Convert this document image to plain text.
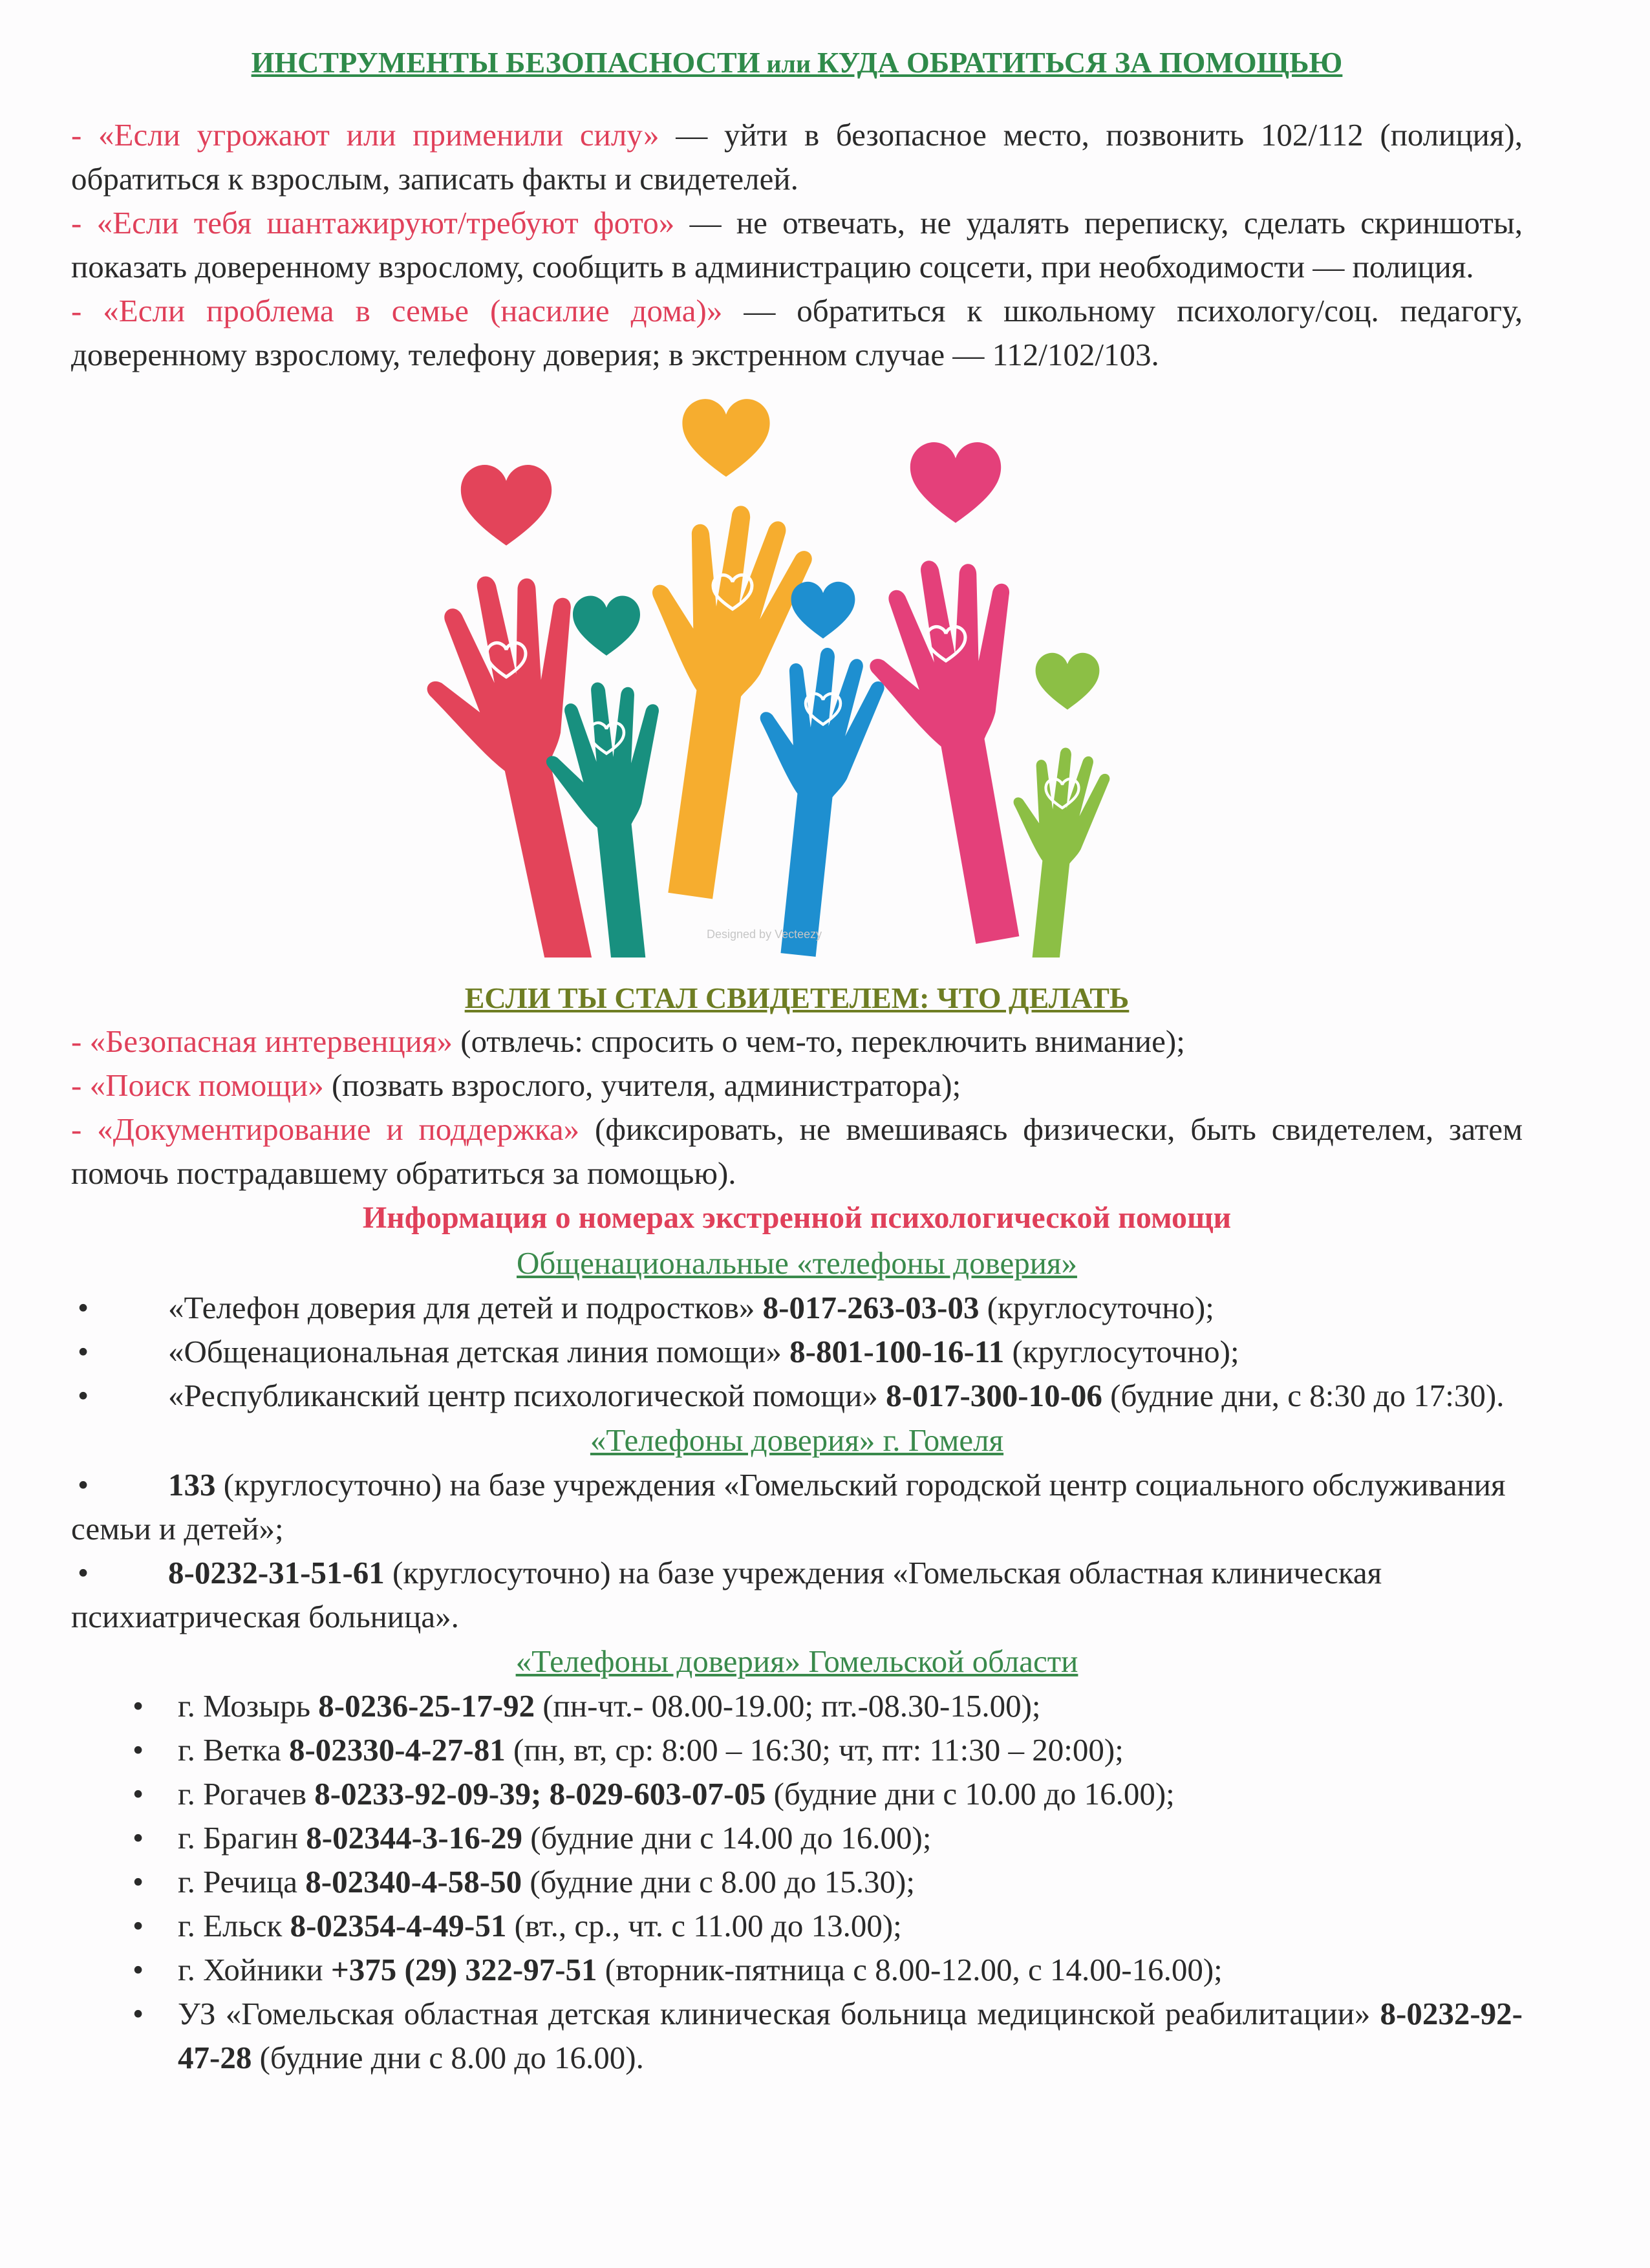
ИНСТРУМЕНТЫ БЕЗОПАСНОСТИ или КУДА ОБРАТИТЬСЯ ЗА ПОМОЩЬЮ

- «Если угрожают или применили силу» — уйти в безопасное место, позвонить 102/112 (полиция), обратиться к взрослым, записать факты и свидетелей.

- «Если тебя шантажируют/требуют фото» — не отвечать, не удалять переписку, сделать скриншоты, показать доверенному взрослому, сообщить в администрацию соцсети, при необходимости — полиция.

- «Если проблема в семье (насилие дома)» — обратиться к школьному психологу/соц. педагогу, доверенному взрослому, телефону доверия; в экстренном случае — 112/102/103.

Designed by Vecteezy

ЕСЛИ ТЫ СТАЛ СВИДЕТЕЛЕМ: ЧТО ДЕЛАТЬ

- «Безопасная интервенция» (отвлечь: спросить о чем-то, переключить внимание);

- «Поиск помощи» (позвать взрослого, учителя, администратора);

- «Документирование и поддержка» (фиксировать, не вмешиваясь физически, быть свидетелем, затем помочь пострадавшему обратиться за помощью).

Информация о номерах экстренной психологической помощи

Общенациональные «телефоны доверия»

•	«Телефон доверия для детей и подростков» 8-017-263-03-03 (круглосуточно);

•	«Общенациональная детская линия помощи» 8-801-100-16-11 (круглосуточно);

•	«Республиканский центр психологической помощи» 8-017-300-10-06 (будние дни, с 8:30 до 17:30).

«Телефоны доверия» г. Гомеля

•	133 (круглосуточно) на базе учреждения «Гомельский городской центр социального обслуживания семьи и детей»;

•	8-0232-31-51-61 (круглосуточно) на базе учреждения «Гомельская областная клиническая психиатрическая больница».

«Телефоны доверия» Гомельской области

• г. Мозырь 8-0236-25-17-92 (пн-чт.- 08.00-19.00; пт.-08.30-15.00);

• г. Ветка 8-02330-4-27-81 (пн, вт, ср: 8:00 – 16:30; чт, пт: 11:30 – 20:00);

• г. Рогачев 8-0233-92-09-39; 8-029-603-07-05 (будние дни с 10.00 до 16.00);

• г. Брагин 8-02344-3-16-29 (будние дни с 14.00 до 16.00);

• г. Речица 8-02340-4-58-50 (будние дни с 8.00 до 15.30);

• г. Ельск 8-02354-4-49-51 (вт., ср., чт. с 11.00 до 13.00);

• г. Хойники +375 (29) 322-97-51 (вторник-пятница с 8.00-12.00, с 14.00-16.00);

• УЗ «Гомельская областная детская клиническая больница медицинской реабилитации» 8-0232-92-47-28 (будние дни с 8.00 до 16.00).
